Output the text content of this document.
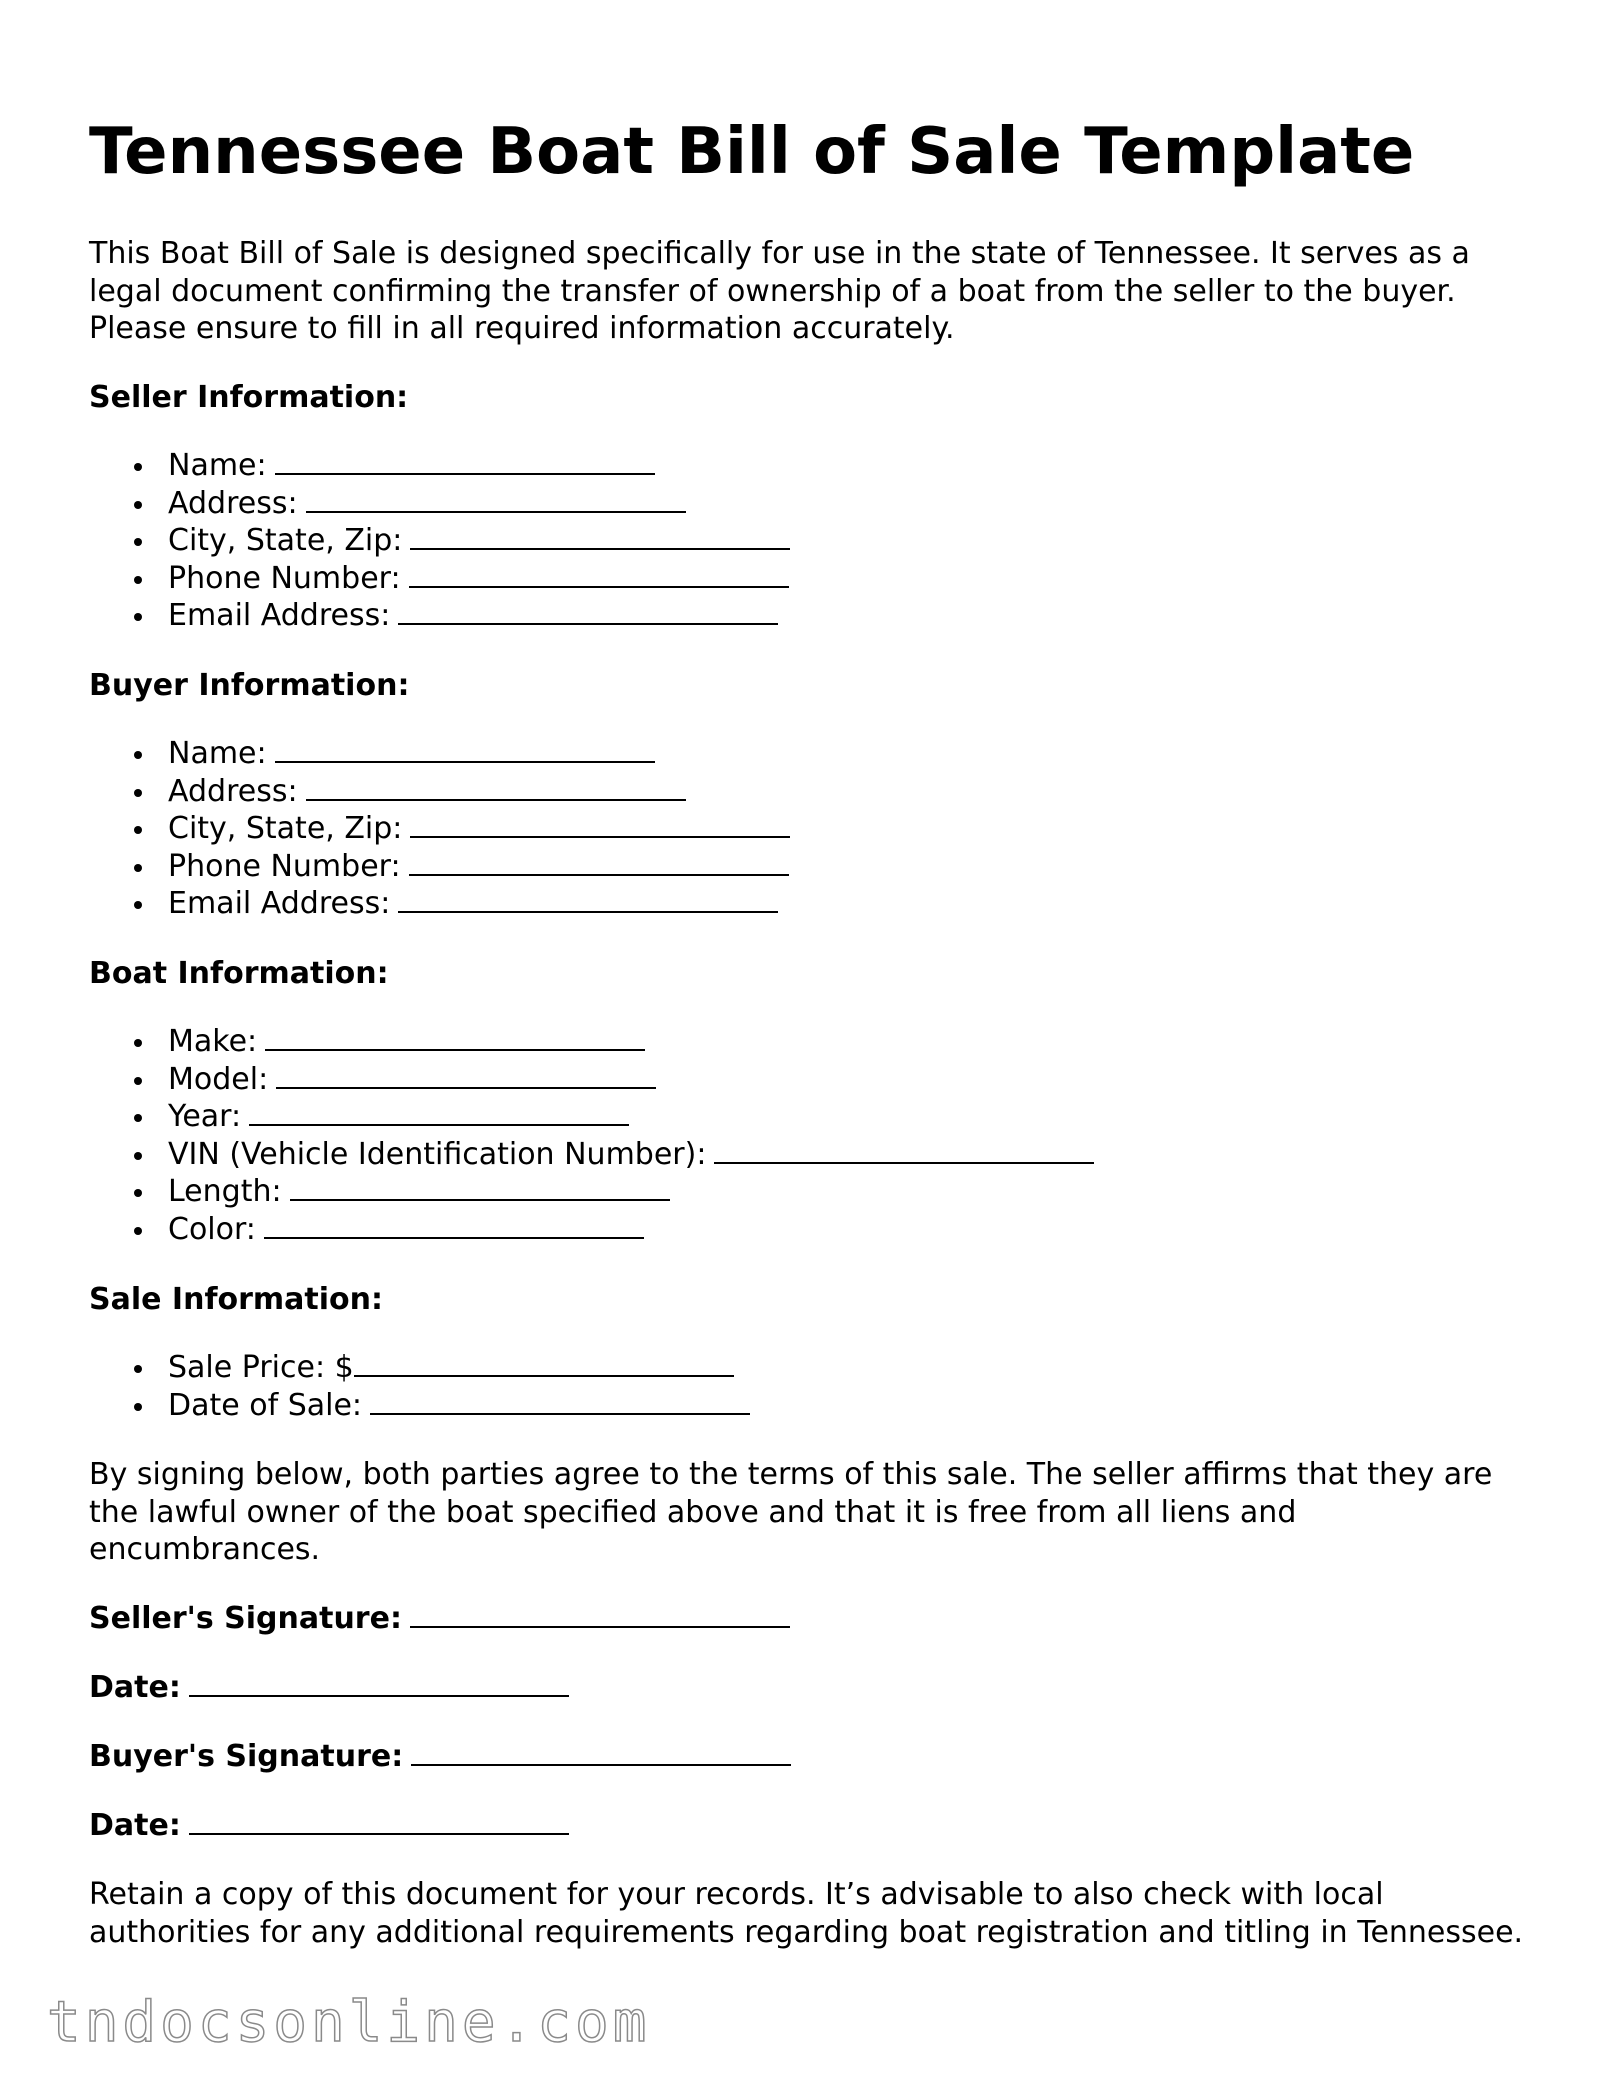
Tennessee Boat Bill of Sale Template

This Boat Bill of Sale is designed specifically for use in the state of Tennessee. It serves as a legal document confirming the transfer of ownership of a boat from the seller to the buyer. Please ensure to fill in all required information accurately.

Seller Information:
Name:
Address:
City, State, Zip:
Phone Number:
Email Address:
Buyer Information:
Name:
Address:
City, State, Zip:
Phone Number:
Email Address:
Boat Information:
Make:
Model:
Year:
VIN (Vehicle Identification Number):
Length:
Color:
Sale Information:
Sale Price: $
Date of Sale:

By signing below, both parties agree to the terms of this sale. The seller affirms that they are the lawful owner of the boat specified above and that it is free from all liens and encumbrances.

Seller's Signature:
Date:
Buyer's Signature:
Date:

Retain a copy of this document for your records. It’s advisable to also check with local authorities for any additional requirements regarding boat registration and titling in Tennessee.

tndocsonline.com
